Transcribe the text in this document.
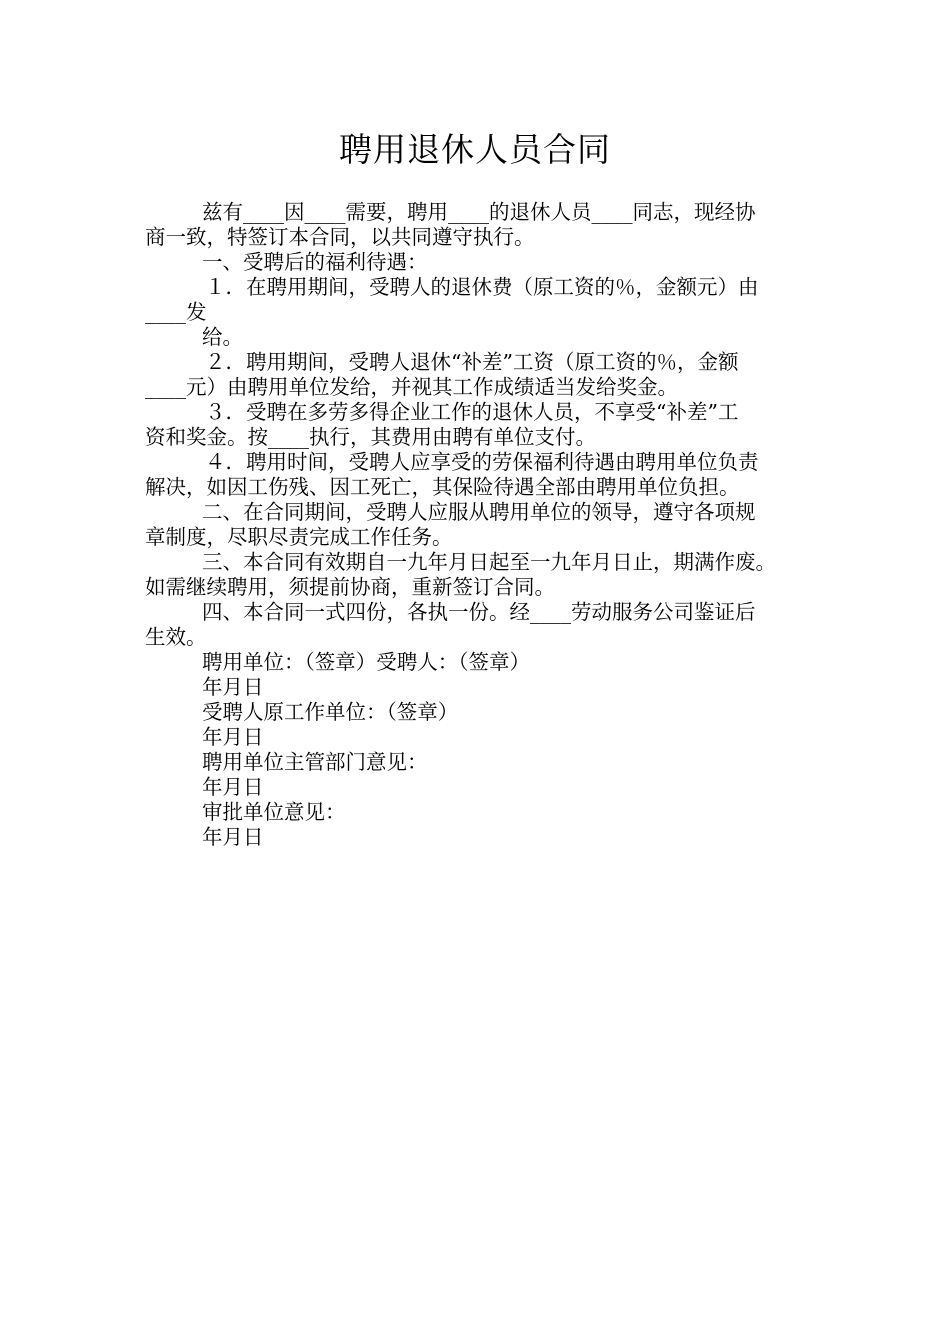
聘用退休人员合同

兹有____因____需要，聘用____的退休人员____同志，现经协

商一致，特签订本合同，以共同遵守执行。

一、受聘后的福利待遇：

１．在聘用期间，受聘人的退休费（原工资的％，金额元）由

____发

给。

２．聘用期间，受聘人退休“补差”工资（原工资的％，金额

____元）由聘用单位发给，并视其工作成绩适当发给奖金。

３．受聘在多劳多得企业工作的退休人员，不享受“补差”工

资和奖金。按____执行，其费用由聘有单位支付。

４．聘用时间，受聘人应享受的劳保福利待遇由聘用单位负责

解决，如因工伤残、因工死亡，其保险待遇全部由聘用单位负担。

二、在合同期间，受聘人应服从聘用单位的领导，遵守各项规

章制度，尽职尽责完成工作任务。

三、本合同有效期自一九年月日起至一九年月日止，期满作废。

如需继续聘用，须提前协商，重新签订合同。

四、本合同一式四份，各执一份。经____劳动服务公司鉴证后

生效。

聘用单位：（签章）受聘人：（签章）

年月日

受聘人原工作单位：（签章）

年月日

聘用单位主管部门意见：

年月日

审批单位意见：

年月日
